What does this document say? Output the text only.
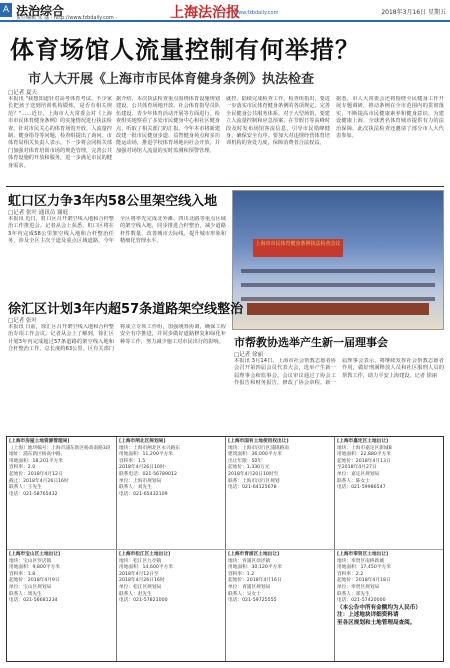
A 法治综合
责任编辑 朱 磊 · http://www.fzbdaily.com ·	上海法治报
www.fzbdaily.com	2018年3月16日 星期五
体育场馆人流量控制有何举措？
市人大开展《上海市市民体育健身条例》执法检查
□记者 夏天
本报讯 "我想知道针对高考体育考试，不少家长把孩子送到培训机构锻炼，是否有相关规范？"……近日，上海市人大常委会对《上海市市民体育健身条例》的实施情况进行执法检查。针对市民关心的体育场馆开放、人流量控制、健身指导等问题，检查组提出了询问。市体育局相关负责人表示，下一步将会同相关部门加强对体育培训市场的规范管理，完善公共体育设施的开放和服务，进一步满足市民的健身需求。
据介绍，本次执法检查重点围绕体育设施规划建设、公共体育场地开放、社会体育指导员队伍建设、青少年体育活动开展等方面进行。检查组实地察看了多处市民健身中心和社区健身点，听取了相关部门的汇报。今年本市将新建改建一批市民健身步道、益智健身苑点和多功能运动场，推进学校体育场地向社会开放，并加强对场馆人流量的实时监测和预警管理。
就控、陆续完成检查工作。检查组指出，要进一步落实市民体育健身条例的各项规定，完善全民健身公共服务体系。对于大型场馆，要建立人流量控制和应急预案，在节假日等高峰时段及时发布场馆客流信息，引导市民错峰健身，确保安全有序。要加大对违规经营体育培训机构的查处力度，保障消费者合法权益。
据悉，市人大常委会还将围绕全民健身工作开展专题调研，推动条例在全市范围内的贯彻落实，不断提高市民健康素养和健身意识，为建设健康上海、全球著名体育城市提供有力的法治保障。此次执法检查还邀请了部分市人大代表参加。
虹口区力争3年内58公里架空线入地
□记者 张叶 通讯员 谢庭
本报讯 近日，虹口区召开架空线入地和合杆整治工作推进会。记者从会上获悉，虹口区将在3年内完成58公里架空线入地和合杆整治任务，涉及全区主次干道及重点区域道路。今年全区将率先完成北外滩、四川北路等重点区域的架空线入地，同步推进合杆整治，减少道路杆件数量，改善城市天际线，提升城市形象和精细化管理水平。	上海市市民体育健身条例执法检查会议
徐汇区计划3年内超57条道路架空线整治
□记者 张叶
本报讯 日前，徐汇区召开架空线入地和合杆整治专项工作会议。记者从会上了解到，徐汇区计划3年内完成超过57条道路的架空线入地和合杆整治工作，总长度约63公里。区有关部门将成立专项工作组，加强统筹协调，确保工程安全有序推进，并同步做好道路修复和绿化补种等工作，努力减少施工对市民出行的影响。 市帮教协选举产生新一届理事会
□记者 徐丽
本报讯 3月14日，上海市社会帮教志愿者协会召开第四届会员代表大会，选举产生新一届理事会和监事会。会议审议通过了协会工作报告和财务报告，修改了协会章程。新一届理事会表示，将继续发挥社会帮教志愿者作用，做好刑满释放人员和社区服刑人员的帮教工作，助力平安上海建设。记者 徐丽
[上海市房屋土地资源管理局]
（上海）地块编号：上海市浦东新区杨高南路3段
地址：浦东新区杨高中路、
用地面积：18,201平方米
容积率：2.0
起始价：2018年4月12日
截止：2018年4月26日16时
联系人：王先生
电话：021-58765432
[上海市闸北区规划局]
地块：上海市闸北区永兴路东
用地面积：11,200平方米
容积率：1.5
2018年4月26日10时-
联系电话：021-56789012
单位：上海市规划局
联系人：刘先生
电话：021-65432109
[上海市国有土地使用权出让]
地块：上海市闵行区浦锦路南
建筑面积：36,000平方米
出让年限：50年
起始价：1,330万元
2018年4月20日10时至
联系：上海市闵行区规划
电话：021-64125678
[上海市嘉定区土地出让]
地块：上海市嘉定区新城B
用地面积：22,880平方米
起始价：2018年4月13日
至2018年4月27日
单位：嘉定区规划局
联系人：陈女士
电话：021-59986547
[上海市宝山区土地出让]
地块：宝山区罗店镇
用地面积：9,800平方米
容积率：1.8
起始价：2018年4月9日
单位：宝山区规划局
联系人：周先生
电话：021-56681234
[上海市松江区土地出让]
地块：松江区九亭镇
用地面积：14,600平方米
2018年4月12日至
2018年4月26日16时
单位：松江区规划局
联系人：赵先生
电话：021-57821000
[上海市青浦区土地出让]
地块：青浦区徐泾镇
用地面积：30,120平方米
容积率：1.2
起始价：2018年4月16日
单位：青浦区规划局
联系人：吴女士
电话：021-59725555
[上海市奉贤区土地出让]
地块：奉贤区南桥新城
用地面积：17,450平方米
容积率：2.2
起始价：2018年4月18日
单位：奉贤区规划局
联系人：郑先生
电话：021-57420000
（本公告中所有金额均为人民币）
注：上述地块详细资料请
至各区规划和土地管理局查阅。
